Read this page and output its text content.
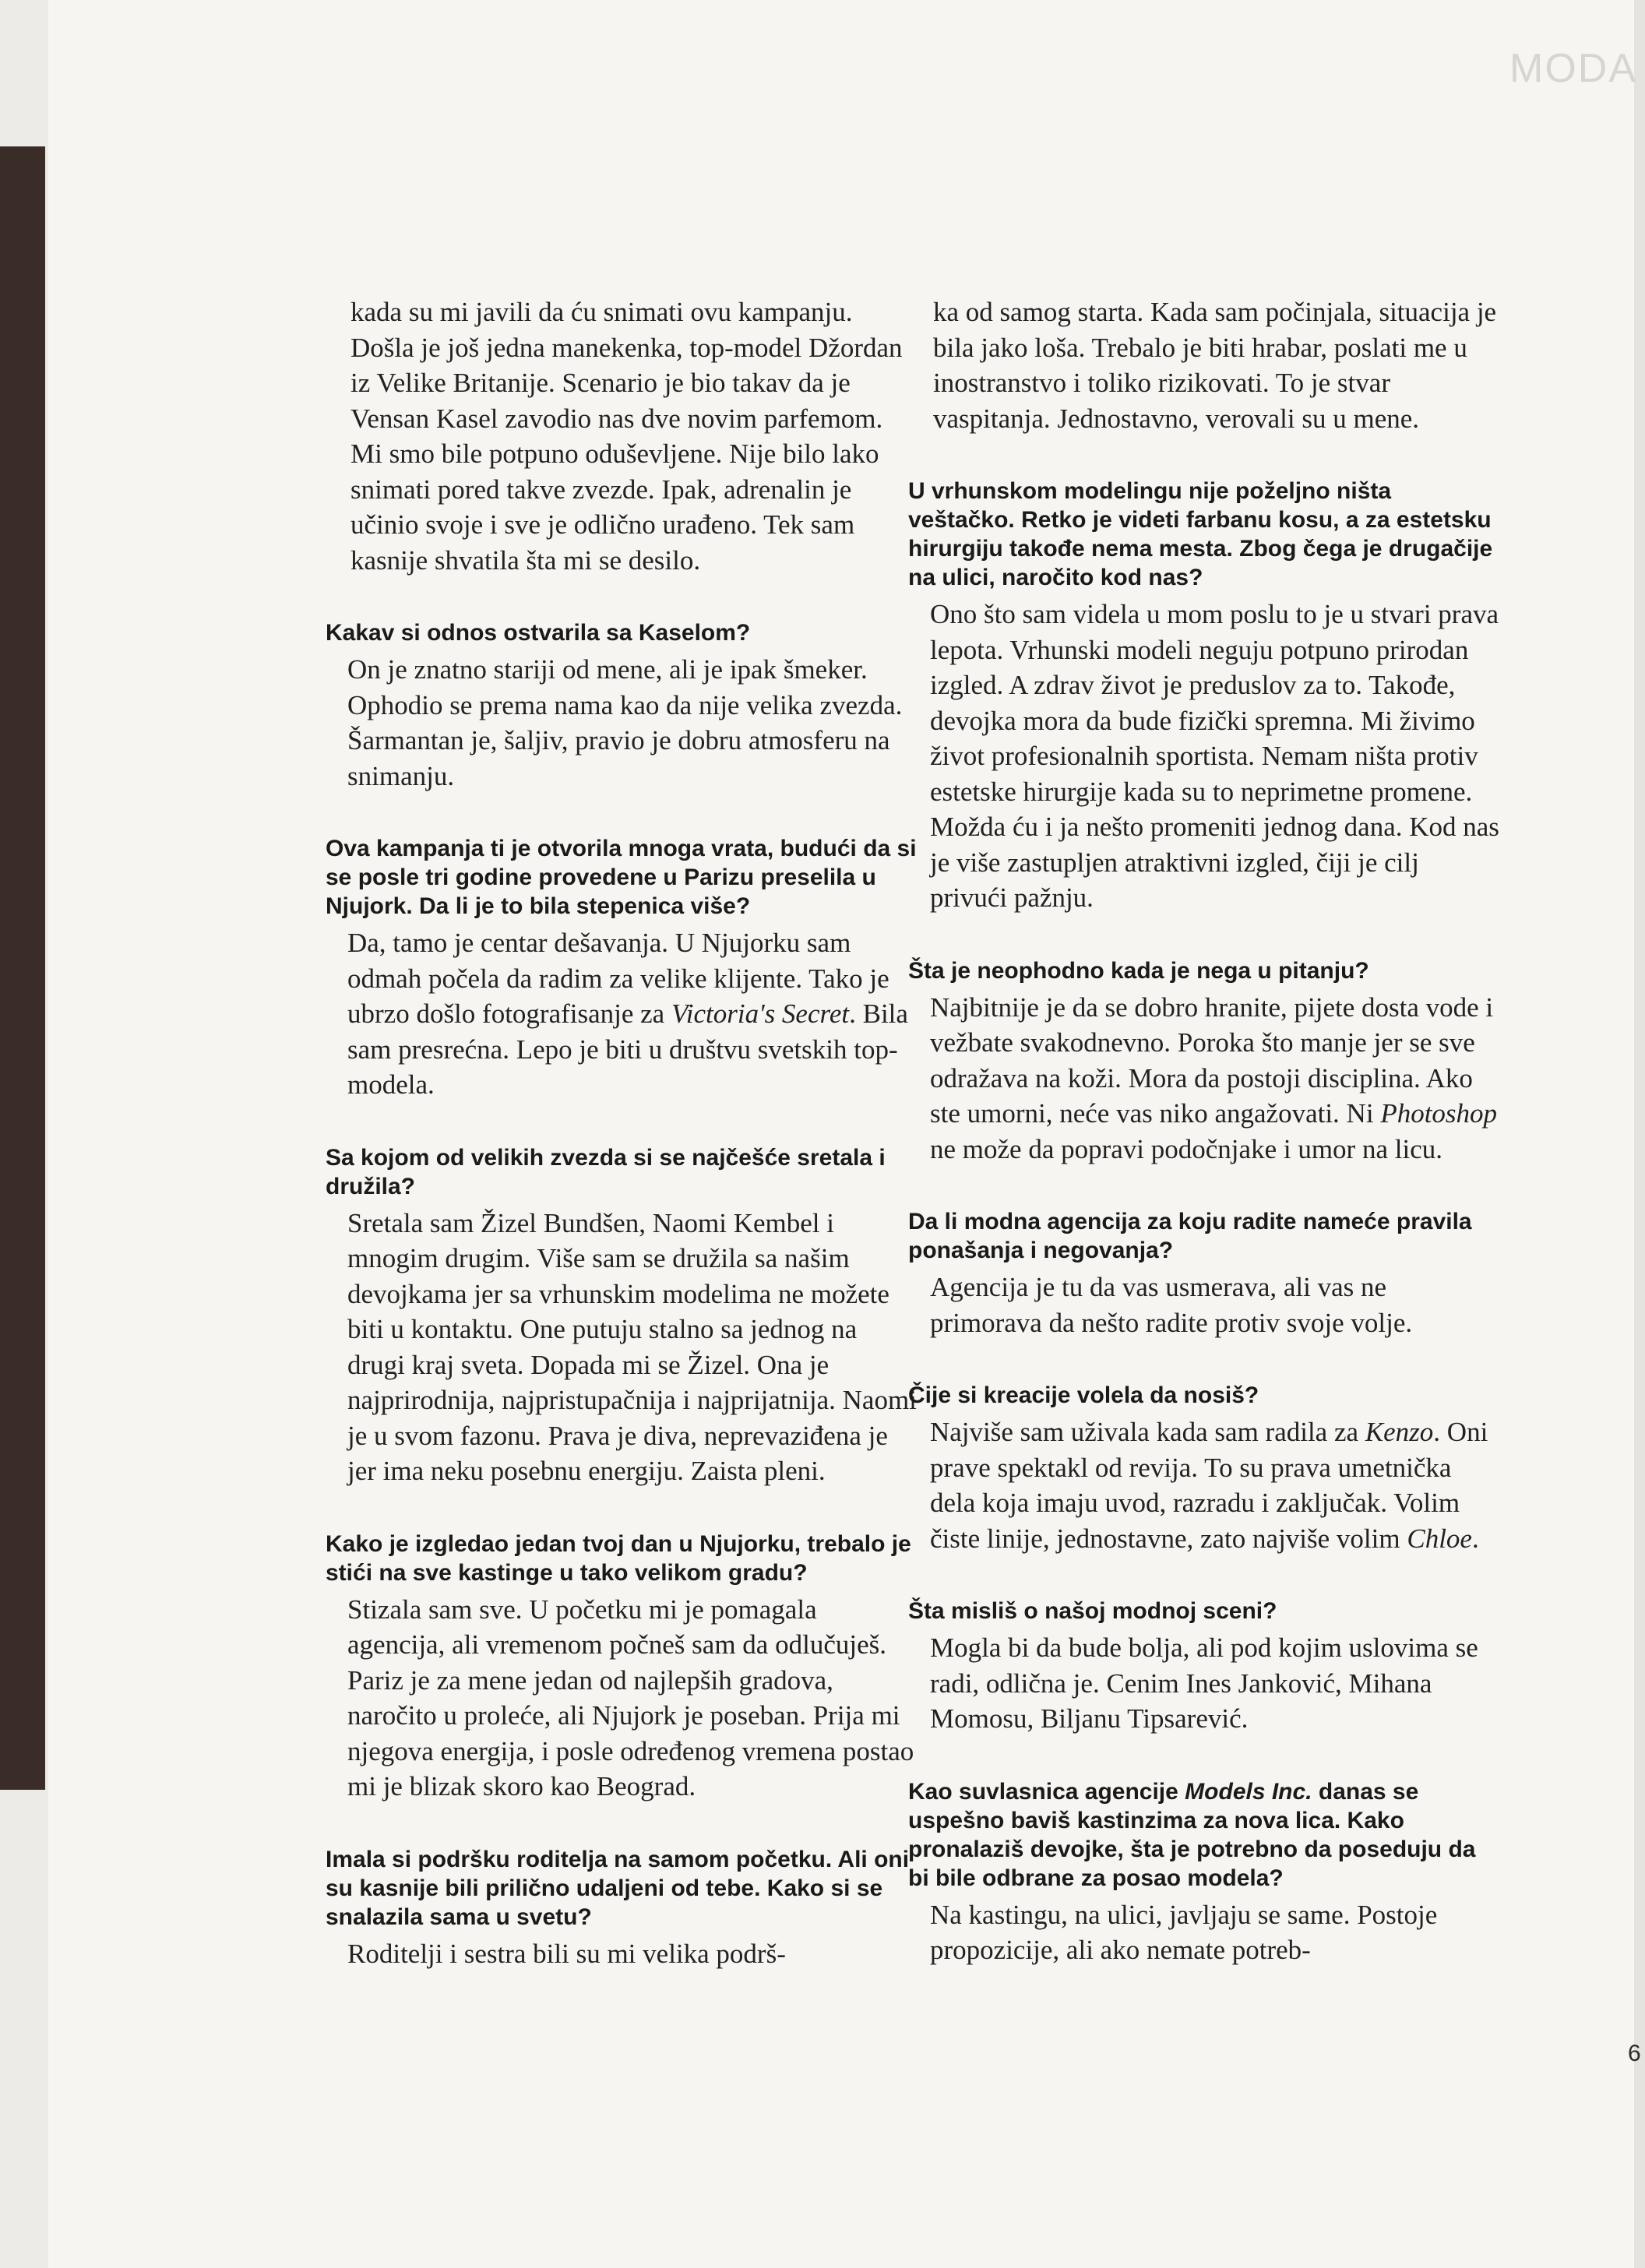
MODA
6

kada su mi javili da ću snimati ovu kampanju. Došla je još jedna manekenka, top-model Džordan iz Velike Britanije. Scenario je bio takav da je Vensan Kasel zavodio nas dve novim parfemom. Mi smo bile potpuno oduševljene. Nije bilo lako snimati pored takve zvezde. Ipak, adrenalin je učinio svoje i sve je odlično urađeno. Tek sam kasnije shvatila šta mi se desilo.

Kakav si odnos ostvarila sa Kaselom?

On je znatno stariji od mene, ali je ipak šmeker. Ophodio se prema nama kao da nije velika zvezda. Šarmantan je, šaljiv, pravio je dobru atmosferu na snimanju.

Ova kampanja ti je otvorila mnoga vrata, budući da si se posle tri godine provedene u Parizu preselila u Njujork. Da li je to bila stepenica više?

Da, tamo je centar dešavanja. U Njujorku sam odmah počela da radim za velike klijente. Tako je ubrzo došlo fotografisanje za Victoria's Secret. Bila sam presrećna. Lepo je biti u društvu svetskih top-modela.

Sa kojom od velikih zvezda si se najčešće sretala i družila?

Sretala sam Žizel Bundšen, Naomi Kembel i mnogim drugim. Više sam se družila sa našim devojkama jer sa vrhunskim modelima ne možete biti u kontaktu. One putuju stalno sa jednog na drugi kraj sveta. Dopada mi se Žizel. Ona je najprirodnija, najpristupačnija i najprijatnija. Naomi je u svom fazonu. Prava je diva, neprevaziđena je jer ima neku posebnu energiju. Zaista pleni.

Kako je izgledao jedan tvoj dan u Njujorku, trebalo je stići na sve kastinge u tako velikom gradu?

Stizala sam sve. U početku mi je pomagala agencija, ali vremenom počneš sam da odlučuješ. Pariz je za mene jedan od najlepših gradova, naročito u proleće, ali Njujork je poseban. Prija mi njegova energija, i posle određenog vremena postao mi je blizak skoro kao Beograd.

Imala si podršku roditelja na samom početku. Ali oni su kasnije bili prilično udaljeni od tebe. Kako si se snalazila sama u svetu?

Roditelji i sestra bili su mi velika podrš-

ka od samog starta. Kada sam počinjala, situacija je bila jako loša. Trebalo je biti hrabar, poslati me u inostranstvo i toliko rizikovati. To je stvar vaspitanja. Jednostavno, verovali su u mene.

U vrhunskom modelingu nije poželjno ništa veštačko. Retko je videti farbanu kosu, a za estetsku hirurgiju takođe nema mesta. Zbog čega je drugačije na ulici, naročito kod nas?

Ono što sam videla u mom poslu to je u stvari prava lepota. Vrhunski modeli neguju potpuno prirodan izgled. A zdrav život je preduslov za to. Takođe, devojka mora da bude fizički spremna. Mi živimo život profesionalnih sportista. Nemam ništa protiv estetske hirurgije kada su to neprimetne promene. Možda ću i ja nešto promeniti jednog dana. Kod nas je više zastupljen atraktivni izgled, čiji je cilj privući pažnju.

Šta je neophodno kada je nega u pitanju?

Najbitnije je da se dobro hranite, pijete dosta vode i vežbate svakodnevno. Poroka što manje jer se sve odražava na koži. Mora da postoji disciplina. Ako ste umorni, neće vas niko angažovati. Ni Photoshop ne može da popravi podočnjake i umor na licu.

Da li modna agencija za koju radite nameće pravila ponašanja i negovanja?

Agencija je tu da vas usmerava, ali vas ne primorava da nešto radite protiv svoje volje.

Čije si kreacije volela da nosiš?

Najviše sam uživala kada sam radila za Kenzo. Oni prave spektakl od revija. To su prava umetnička dela koja imaju uvod, razradu i zaključak. Volim čiste linije, jednostavne, zato najviše volim Chloe.

Šta misliš o našoj modnoj sceni?

Mogla bi da bude bolja, ali pod kojim uslovima se radi, odlična je. Cenim Ines Janković, Mihana Momosu, Biljanu Tipsarević.

Kao suvlasnica agencije Models Inc. danas se uspešno baviš kastinzima za nova lica. Kako pronalaziš devojke, šta je potrebno da poseduju da bi bile odbrane za posao modela?

Na kastingu, na ulici, javljaju se same. Postoje propozicije, ali ako nemate potreb-
